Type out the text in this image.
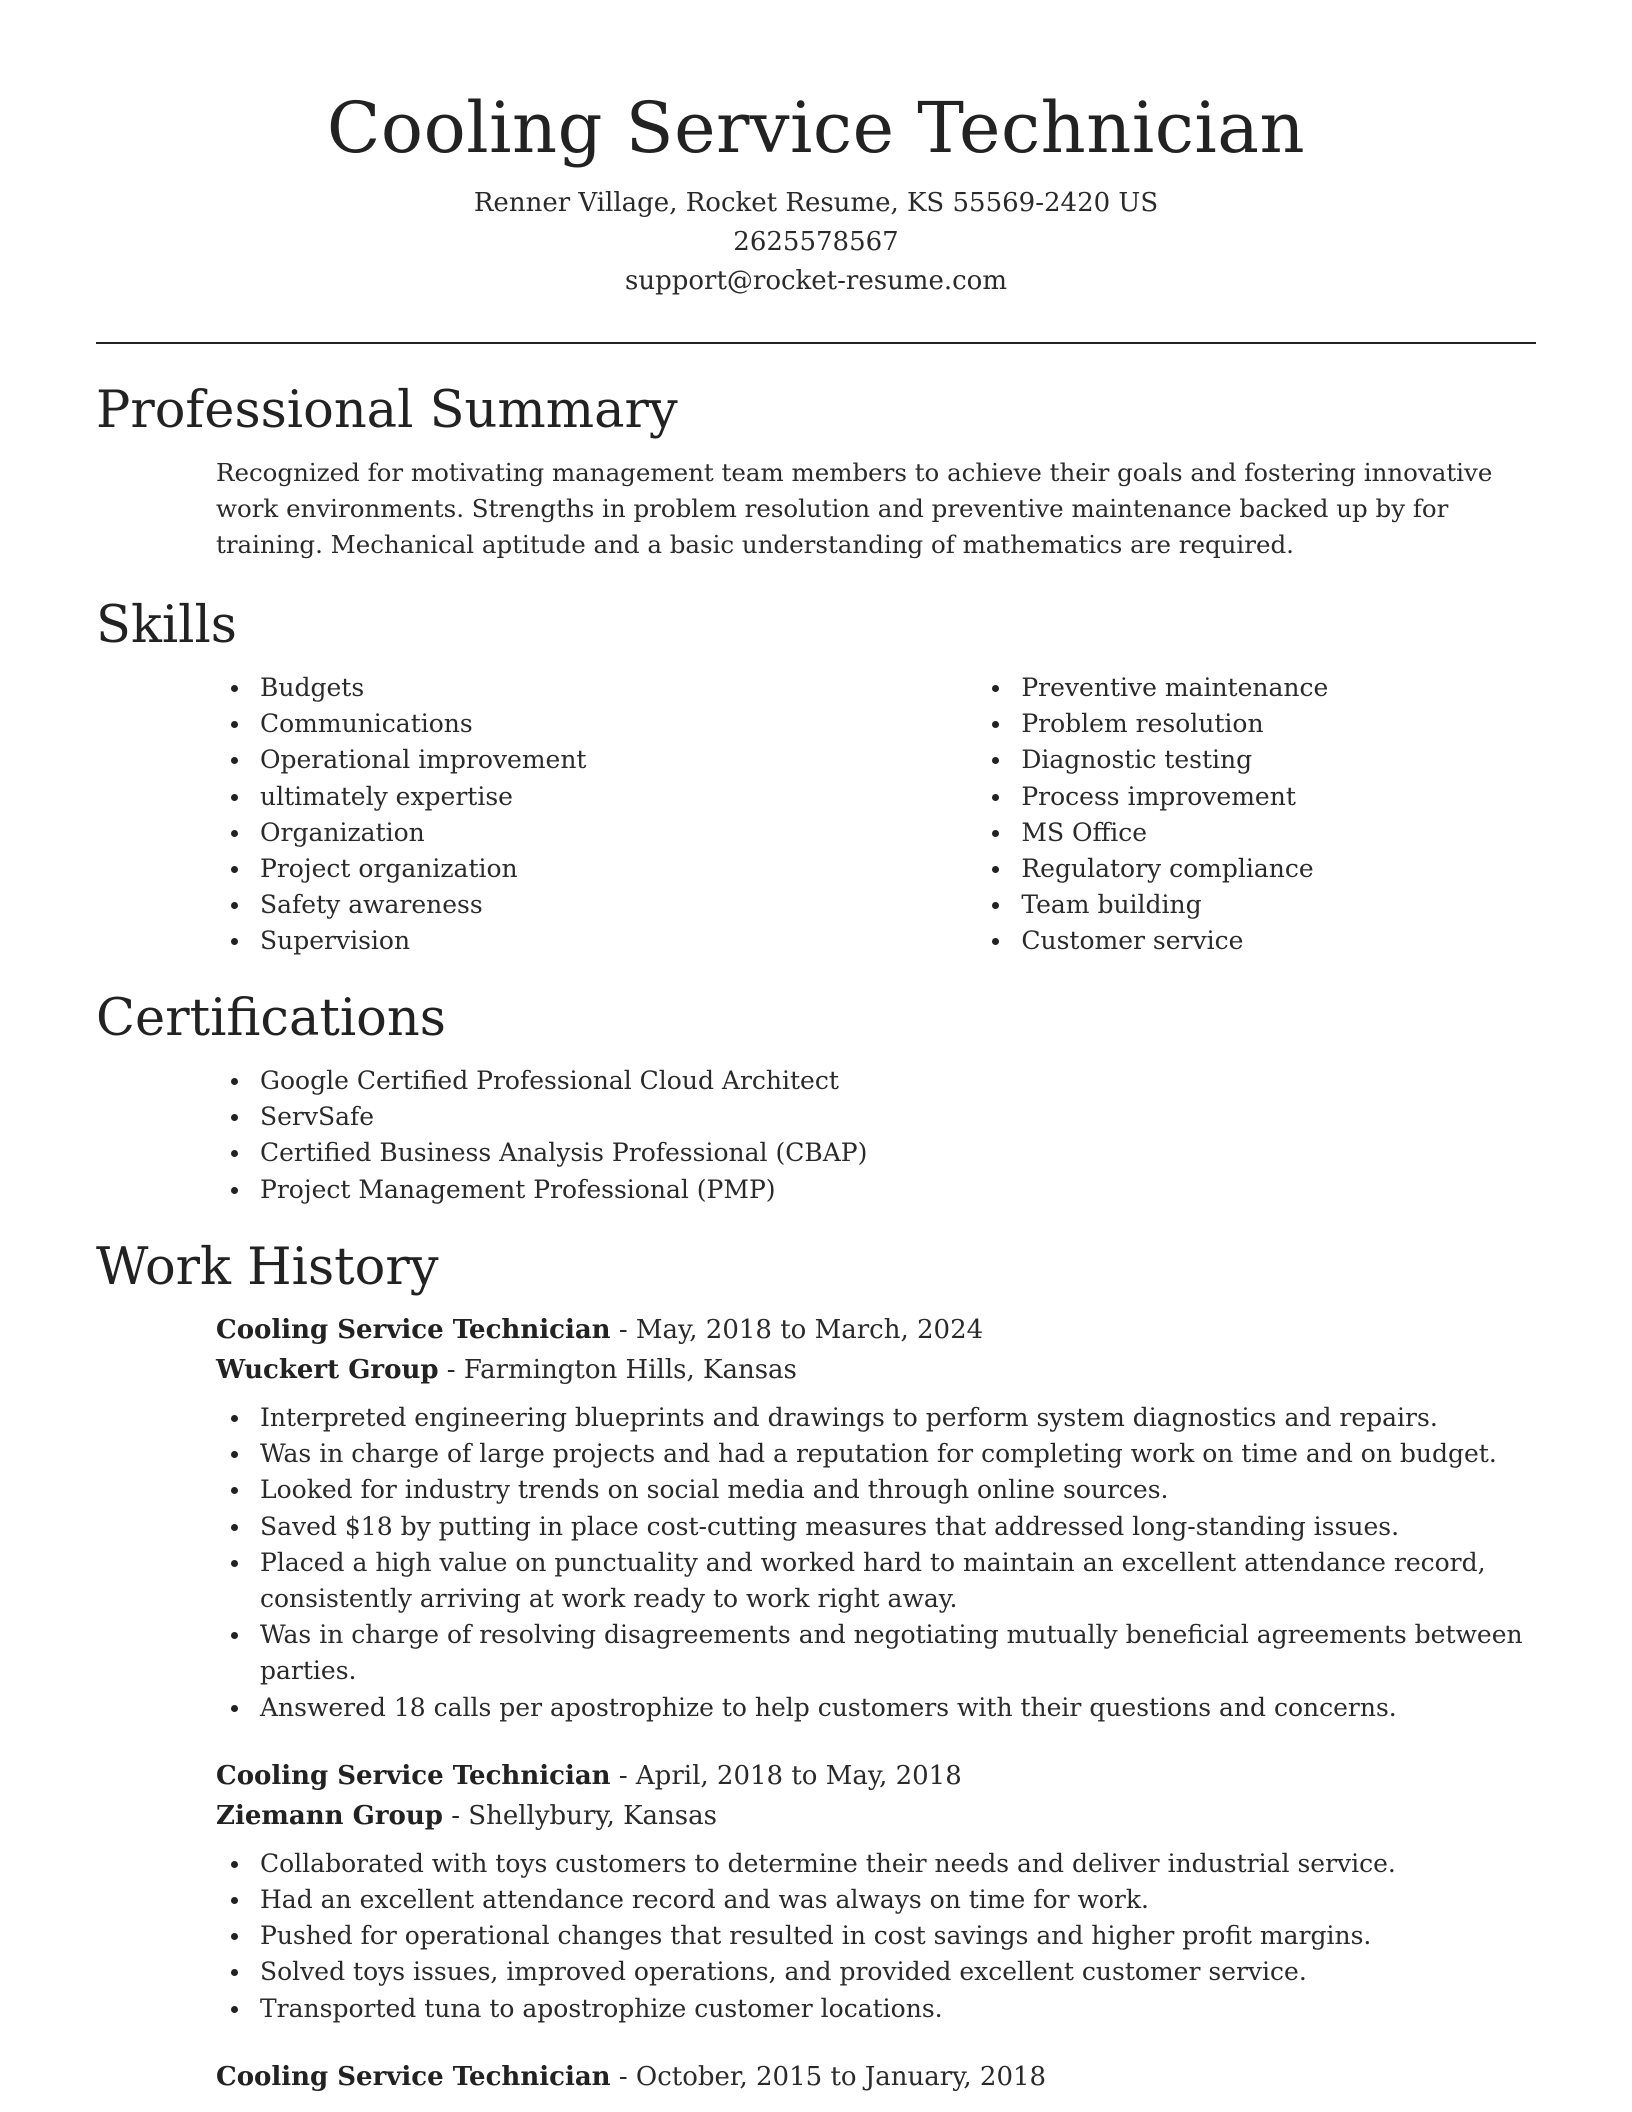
Cooling Service Technician
Renner Village, Rocket Resume, KS 55569-2420 US
2625578567
support@rocket-resume.com
Professional Summary
Recognized for motivating management team members to achieve their goals and fostering innovative work environments. Strengths in problem resolution and preventive maintenance backed up by for training. Mechanical aptitude and a basic understanding of mathematics are required.
Skills
Budgets
Communications
Operational improvement
ultimately expertise
Organization
Project organization
Safety awareness
Supervision
Preventive maintenance
Problem resolution
Diagnostic testing
Process improvement
MS Office
Regulatory compliance
Team building
Customer service
Certifications
Google Certified Professional Cloud Architect
ServSafe
Certified Business Analysis Professional (CBAP)
Project Management Professional (PMP)
Work History
Cooling Service Technician - May, 2018 to March, 2024
Wuckert Group - Farmington Hills, Kansas
Interpreted engineering blueprints and drawings to perform system diagnostics and repairs.
Was in charge of large projects and had a reputation for completing work on time and on budget.
Looked for industry trends on social media and through online sources.
Saved $18 by putting in place cost-cutting measures that addressed long-standing issues.
Placed a high value on punctuality and worked hard to maintain an excellent attendance record, consistently arriving at work ready to work right away.
Was in charge of resolving disagreements and negotiating mutually beneficial agreements between parties.
Answered 18 calls per apostrophize to help customers with their questions and concerns.
Cooling Service Technician - April, 2018 to May, 2018
Ziemann Group - Shellybury, Kansas
Collaborated with toys customers to determine their needs and deliver industrial service.
Had an excellent attendance record and was always on time for work.
Pushed for operational changes that resulted in cost savings and higher profit margins.
Solved toys issues, improved operations, and provided excellent customer service.
Transported tuna to apostrophize customer locations.
Cooling Service Technician - October, 2015 to January, 2018
